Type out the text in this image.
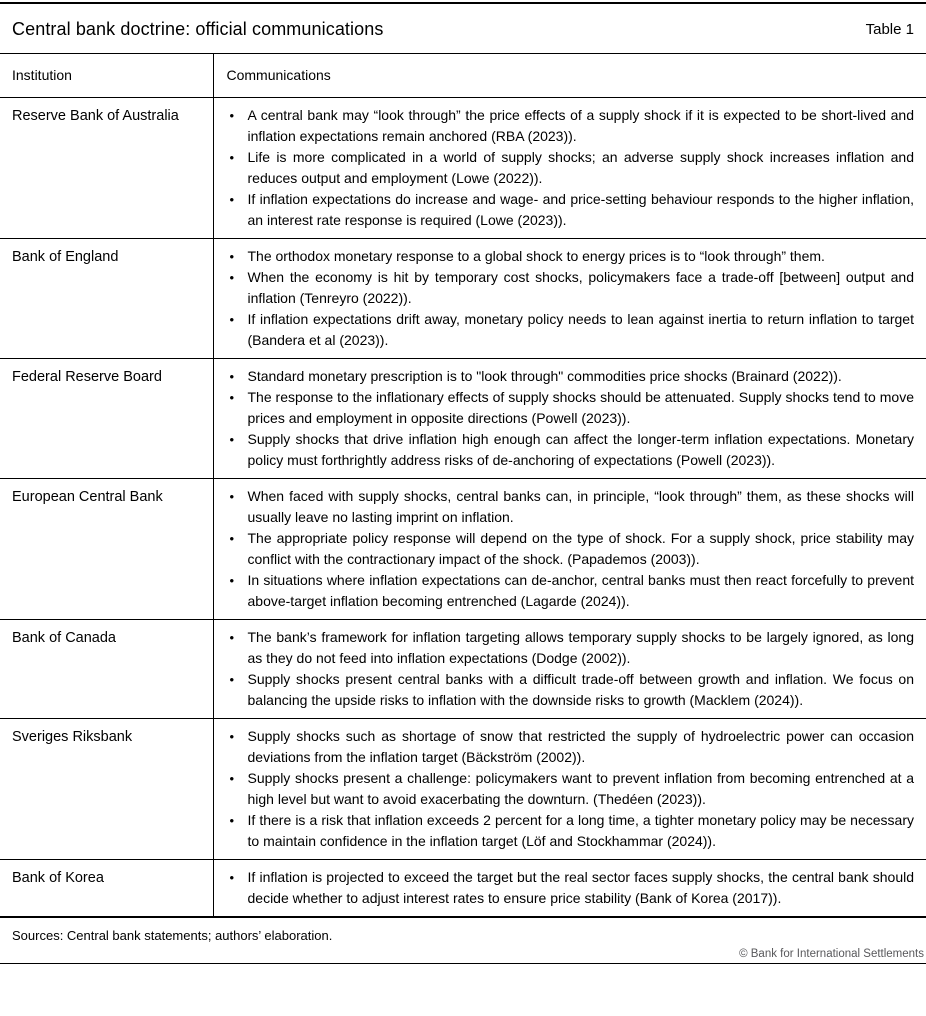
Central bank doctrine: official communications	Table 1
Institution	Communications
Reserve Bank of Australia	• A central bank may “look through” the price effects of a supply shock if it is expected to be short-lived and inflation expectations remain anchored (RBA (2023)).
• Life is more complicated in a world of supply shocks; an adverse supply shock increases inflation and reduces output and employment (Lowe (2022)).
• If inflation expectations do increase and wage- and price-setting behaviour responds to the higher inflation, an interest rate response is required (Lowe (2023)).

Bank of England	• The orthodox monetary response to a global shock to energy prices is to “look through” them.
• When the economy is hit by temporary cost shocks, policymakers face a trade-off [between] output and inflation (Tenreyro (2022)).
• If inflation expectations drift away, monetary policy needs to lean against inertia to return inflation to target (Bandera et al (2023)).

Federal Reserve Board	• Standard monetary prescription is to "look through" commodities price shocks (Brainard (2022)).
• The response to the inflationary effects of supply shocks should be attenuated. Supply shocks tend to move prices and employment in opposite directions (Powell (2023)).
• Supply shocks that drive inflation high enough can affect the longer-term inflation expectations. Monetary policy must forthrightly address risks of de-anchoring of expectations (Powell (2023)).

European Central Bank	• When faced with supply shocks, central banks can, in principle, “look through” them, as these shocks will usually leave no lasting imprint on inflation.
• The appropriate policy response will depend on the type of shock. For a supply shock, price stability may conflict with the contractionary impact of the shock. (Papademos (2003)).
• In situations where inflation expectations can de-anchor, central banks must then react forcefully to prevent above-target inflation becoming entrenched (Lagarde (2024)).

Bank of Canada	• The bank’s framework for inflation targeting allows temporary supply shocks to be largely ignored, as long as they do not feed into inflation expectations (Dodge (2002)).
• Supply shocks present central banks with a difficult trade-off between growth and inflation. We focus on balancing the upside risks to inflation with the downside risks to growth (Macklem (2024)).

Sveriges Riksbank	• Supply shocks such as shortage of snow that restricted the supply of hydroelectric power can occasion deviations from the inflation target (Bäckström (2002)).
• Supply shocks present a challenge: policymakers want to prevent inflation from becoming entrenched at a high level but want to avoid exacerbating the downturn. (Thedéen (2023)).
• If there is a risk that inflation exceeds 2 percent for a long time, a tighter monetary policy may be necessary to maintain confidence in the inflation target (Löf and Stockhammar (2024)).

Bank of Korea	• If inflation is projected to exceed the target but the real sector faces supply shocks, the central bank should decide whether to adjust interest rates to ensure price stability (Bank of Korea (2017)).
Sources: Central bank statements; authors’ elaboration.
© Bank for International Settlements
